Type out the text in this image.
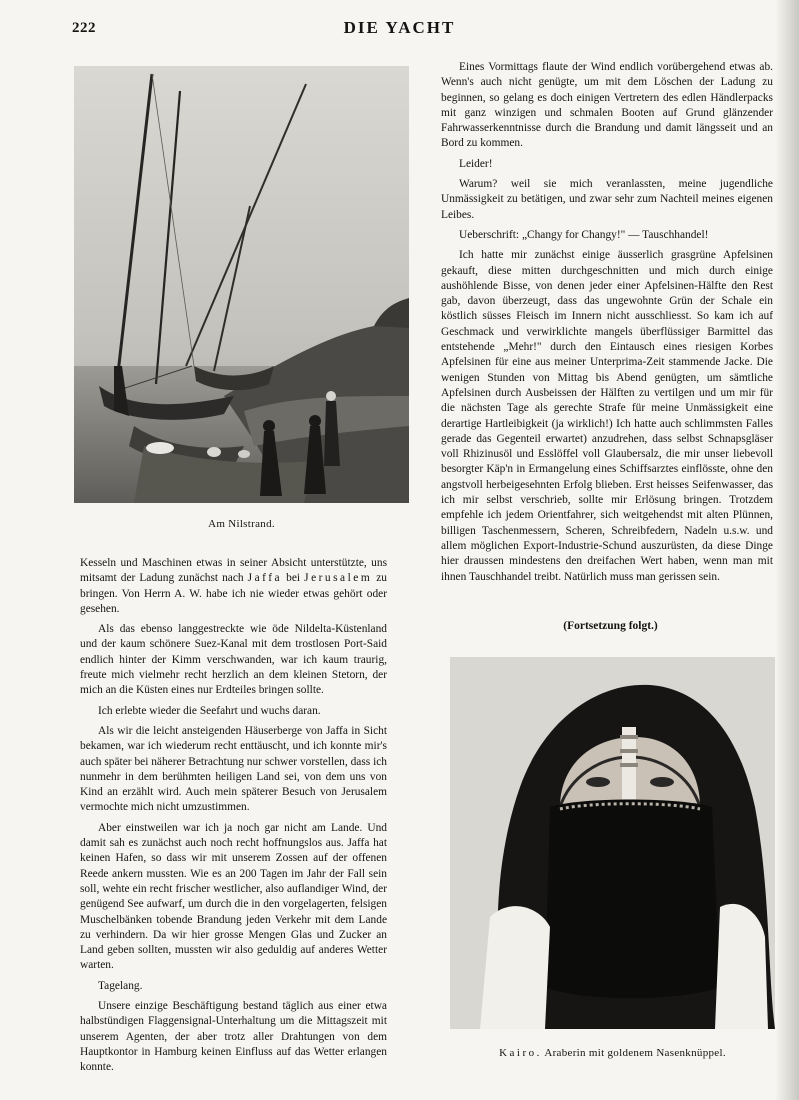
222	DIE YACHT
Am Nilstrand.

Kesseln und Maschinen etwas in seiner Absicht unterstützte, uns mitsamt der Ladung zunächst nach Jaffa bei Jerusalem zu bringen. Von Herrn A. W. habe ich nie wieder etwas gehört oder gesehen.

Als das ebenso langgestreckte wie öde Nildelta-Küstenland und der kaum schönere Suez-Kanal mit dem trostlosen Port-Said endlich hinter der Kimm verschwanden, war ich kaum traurig, freute mich vielmehr recht herzlich an dem kleinen Stetorn, der mich an die Küsten eines nur Erdteiles bringen sollte.

Ich erlebte wieder die Seefahrt und wuchs daran.

Als wir die leicht ansteigenden Häuserberge von Jaffa in Sicht bekamen, war ich wiederum recht enttäuscht, und ich konnte mir's auch später bei näherer Betrachtung nur schwer vorstellen, dass ich nunmehr in dem berühmten heiligen Land sei, von dem uns von Kind an erzählt wird. Auch mein späterer Besuch von Jerusalem vermochte mich nicht umzustimmen.

Aber einstweilen war ich ja noch gar nicht am Lande. Und damit sah es zunächst auch noch recht hoffnungslos aus. Jaffa hat keinen Hafen, so dass wir mit unserem Zossen auf der offenen Reede ankern mussten. Wie es an 200 Tagen im Jahr der Fall sein soll, wehte ein recht frischer westlicher, also auflandiger Wind, der genügend See aufwarf, um durch die in den vorgelagerten, felsigen Muschelbänken tobende Brandung jeden Verkehr mit dem Lande zu verhindern. Da wir hier grosse Mengen Glas und Zucker an Land geben sollten, mussten wir also geduldig auf anderes Wetter warten.

Tagelang.

Unsere einzige Beschäftigung bestand täglich aus einer etwa halbstündigen Flaggensignal-Unterhaltung um die Mittagszeit mit unserem Agenten, der aber trotz aller Drahtungen von dem Hauptkontor in Hamburg keinen Einfluss auf das Wetter erlangen konnte.

Eines Vormittags flaute der Wind endlich vorübergehend etwas ab. Wenn's auch nicht genügte, um mit dem Löschen der Ladung zu beginnen, so gelang es doch einigen Vertretern des edlen Händlerpacks mit ganz winzigen und schmalen Booten auf Grund glänzender Fahrwasserkenntnisse durch die Brandung und damit längsseit und an Bord zu kommen.

Leider!

Warum? weil sie mich veranlassten, meine jugendliche Unmässigkeit zu betätigen, und zwar sehr zum Nachteil meines eigenen Leibes.

Ueberschrift: „Changy for Changy!" — Tauschhandel!

Ich hatte mir zunächst einige äusserlich grasgrüne Apfelsinen gekauft, diese mitten durchgeschnitten und mich durch einige aushöhlende Bisse, von denen jeder einer Apfelsinen-Hälfte den Rest gab, davon überzeugt, dass das ungewohnte Grün der Schale ein köstlich süsses Fleisch im Innern nicht ausschliesst. So kam ich auf Geschmack und verwirklichte mangels überflüssiger Barmittel das entstehende „Mehr!" durch den Eintausch eines riesigen Korbes Apfelsinen für eine aus meiner Unterprima-Zeit stammende Jacke. Die wenigen Stunden von Mittag bis Abend genügten, um sämtliche Apfelsinen durch Ausbeissen der Hälften zu vertilgen und um mir für die nächsten Tage als gerechte Strafe für meine Unmässigkeit eine derartige Hartleibigkeit (ja wirklich!) Ich hatte auch schlimmsten Falles gerade das Gegenteil erwartet) anzudrehen, dass selbst Schnapsgläser voll Rhizinusöl und Esslöffel voll Glaubersalz, die mir unser liebevoll besorgter Käp'n in Ermangelung eines Schiffsarztes einflösste, ohne den angstvoll herbeigesehnten Erfolg blieben. Erst heisses Seifenwasser, das ich mir selbst verschrieb, sollte mir Erlösung bringen. Trotzdem empfehle ich jedem Orientfahrer, sich weitgehendst mit alten Plünnen, billigen Taschenmessern, Scheren, Schreibfedern, Nadeln u.s.w. und allem möglichen Export-Industrie-Schund auszurüsten, da diese Dinge hier draussen mindestens den dreifachen Wert haben, wenn man mit ihnen Tauschhandel treibt. Natürlich muss man gerissen sein.

(Fortsetzung folgt.)
Kairo. Araberin mit goldenem Nasenknüppel.
